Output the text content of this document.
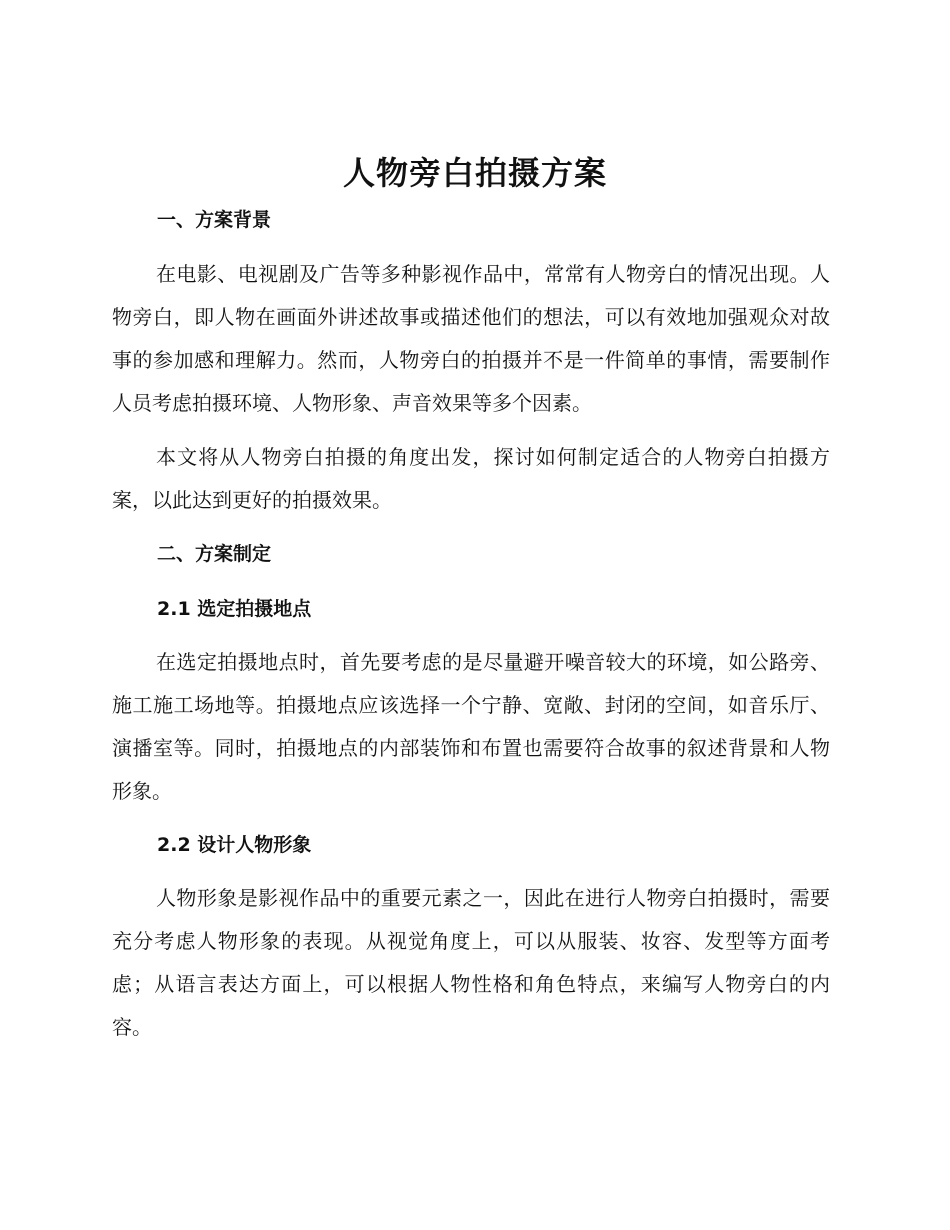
人物旁白拍摄方案
一、方案背景

在电影、电视剧及广告等多种影视作品中，常常有人物旁白的情况出现。人物旁白，即人物在画面外讲述故事或描述他们的想法，可以有效地加强观众对故事的参加感和理解力。然而，人物旁白的拍摄并不是一件简单的事情，需要制作人员考虑拍摄环境、人物形象、声音效果等多个因素。

本文将从人物旁白拍摄的角度出发，探讨如何制定适合的人物旁白拍摄方案，以此达到更好的拍摄效果。

二、方案制定
2.1 选定拍摄地点

在选定拍摄地点时，首先要考虑的是尽量避开噪音较大的环境，如公路旁、施工施工场地等。拍摄地点应该选择一个宁静、宽敞、封闭的空间，如音乐厅、演播室等。同时，拍摄地点的内部装饰和布置也需要符合故事的叙述背景和人物形象。

2.2 设计人物形象

人物形象是影视作品中的重要元素之一，因此在进行人物旁白拍摄时，需要充分考虑人物形象的表现。从视觉角度上，可以从服装、妆容、发型等方面考虑；从语言表达方面上，可以根据人物性格和角色特点，来编写人物旁白的内容。
